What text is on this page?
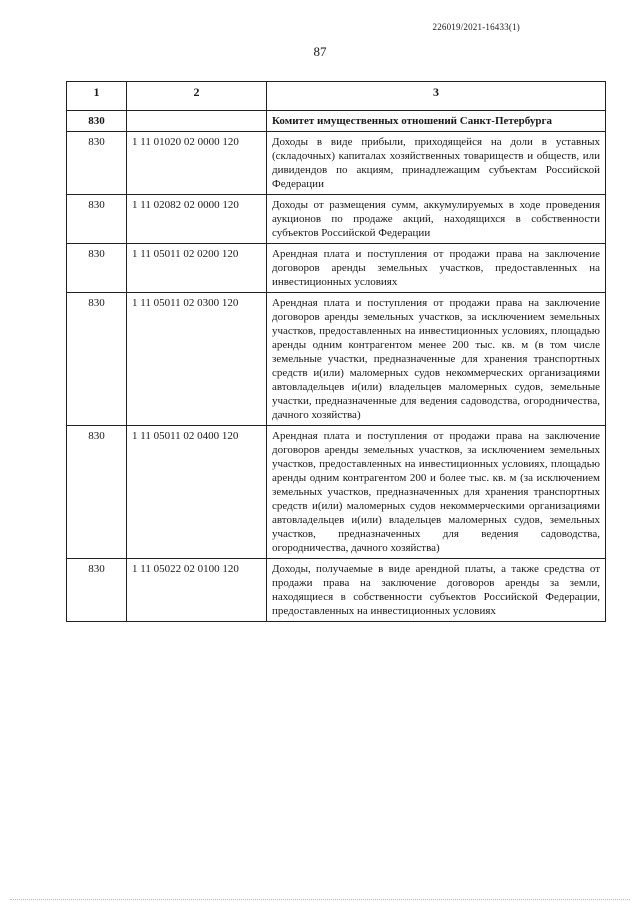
226019/2021-16433(1)
87
1	2	3
830		Комитет имущественных отношений Санкт-Петербурга
830	1 11 01020 02 0000 120	Доходы в виде прибыли, приходящейся на доли в уставных (складочных) капиталах хозяйственных товариществ и обществ, или дивидендов по акциям, принадлежащим субъектам Российской Федерации
830	1 11 02082 02 0000 120	Доходы от размещения сумм, аккумулируемых в ходе проведения аукционов по продаже акций, находящихся в собственности субъектов Российской Федерации
830	1 11 05011 02 0200 120	Арендная плата и поступления от продажи права на заключение договоров аренды земельных участков, предоставленных на инвестиционных условиях
830	1 11 05011 02 0300 120	Арендная плата и поступления от продажи права на заключение договоров аренды земельных участков, за исключением земельных участков, предоставленных на инвестиционных условиях, площадью аренды одним контрагентом менее 200 тыс. кв. м (в том числе земельные участки, предназначенные для хранения транспортных средств и(или) маломерных судов некоммерческих организациями автовладельцев и(или) владельцев маломерных судов, земельные участки, предназначенные для ведения садоводства, огородничества, дачного хозяйства)
830	1 11 05011 02 0400 120	Арендная плата и поступления от продажи права на заключение договоров аренды земельных участков, за исключением земельных участков, предоставленных на инвестиционных условиях, площадью аренды одним контрагентом 200 и более тыс. кв. м (за исключением земельных участков, предназначенных для хранения транспортных средств и(или) маломерных судов некоммерческими организациями автовладельцев и(или) владельцев маломерных судов, земельных участков, предназначенных для ведения садоводства, огородничества, дачного хозяйства)
830	1 11 05022 02 0100 120	Доходы, получаемые в виде арендной платы, а также средства от продажи права на заключение договоров аренды за земли, находящиеся в собственности субъектов Российской Федерации, предоставленных на инвестиционных условиях
